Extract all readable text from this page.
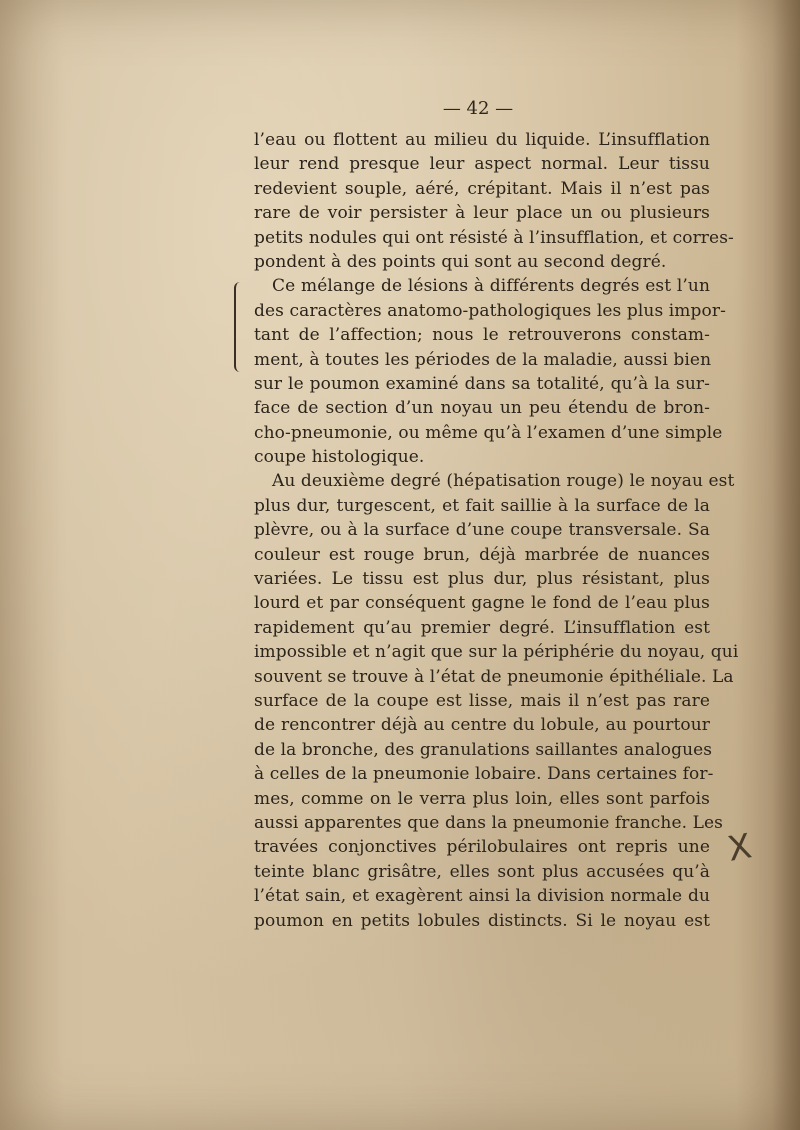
— 42 —
l’eau ou flottent au milieu du liquide. L’insufflation
leur rend presque leur aspect normal. Leur tissu
redevient souple, aéré, crépitant. Mais il n’est pas
rare de voir persister à leur place un ou plusieurs
petits nodules qui ont résisté à l’insufflation, et corres-
pondent à des points qui sont au second degré.
Ce mélange de lésions à différents degrés est l’un
des caractères anatomo-pathologiques les plus impor-
tant de l’affection; nous le retrouverons constam-
ment, à toutes les périodes de la maladie, aussi bien
sur le poumon examiné dans sa totalité, qu’à la sur-
face de section d’un noyau un peu étendu de bron-
cho-pneumonie, ou même qu’à l’examen d’une simple
coupe histologique.
Au deuxième degré (hépatisation rouge) le noyau est
plus dur, turgescent, et fait saillie à la surface de la
plèvre, ou à la surface d’une coupe transversale. Sa
couleur est rouge brun, déjà marbrée de nuances
variées. Le tissu est plus dur, plus résistant, plus
lourd et par conséquent gagne le fond de l’eau plus
rapidement qu’au premier degré. L’insufflation est
impossible et n’agit que sur la périphérie du noyau, qui
souvent se trouve à l’état de pneumonie épithéliale. La
surface de la coupe est lisse, mais il n’est pas rare
de rencontrer déjà au centre du lobule, au pourtour
de la bronche, des granulations saillantes analogues
à celles de la pneumonie lobaire. Dans certaines for-
mes, comme on le verra plus loin, elles sont parfois
aussi apparentes que dans la pneumonie franche. Les
travées conjonctives périlobulaires ont repris une
teinte blanc grisâtre, elles sont plus accusées qu’à
l’état sain, et exagèrent ainsi la division normale du
poumon en petits lobules distincts. Si le noyau est
X
